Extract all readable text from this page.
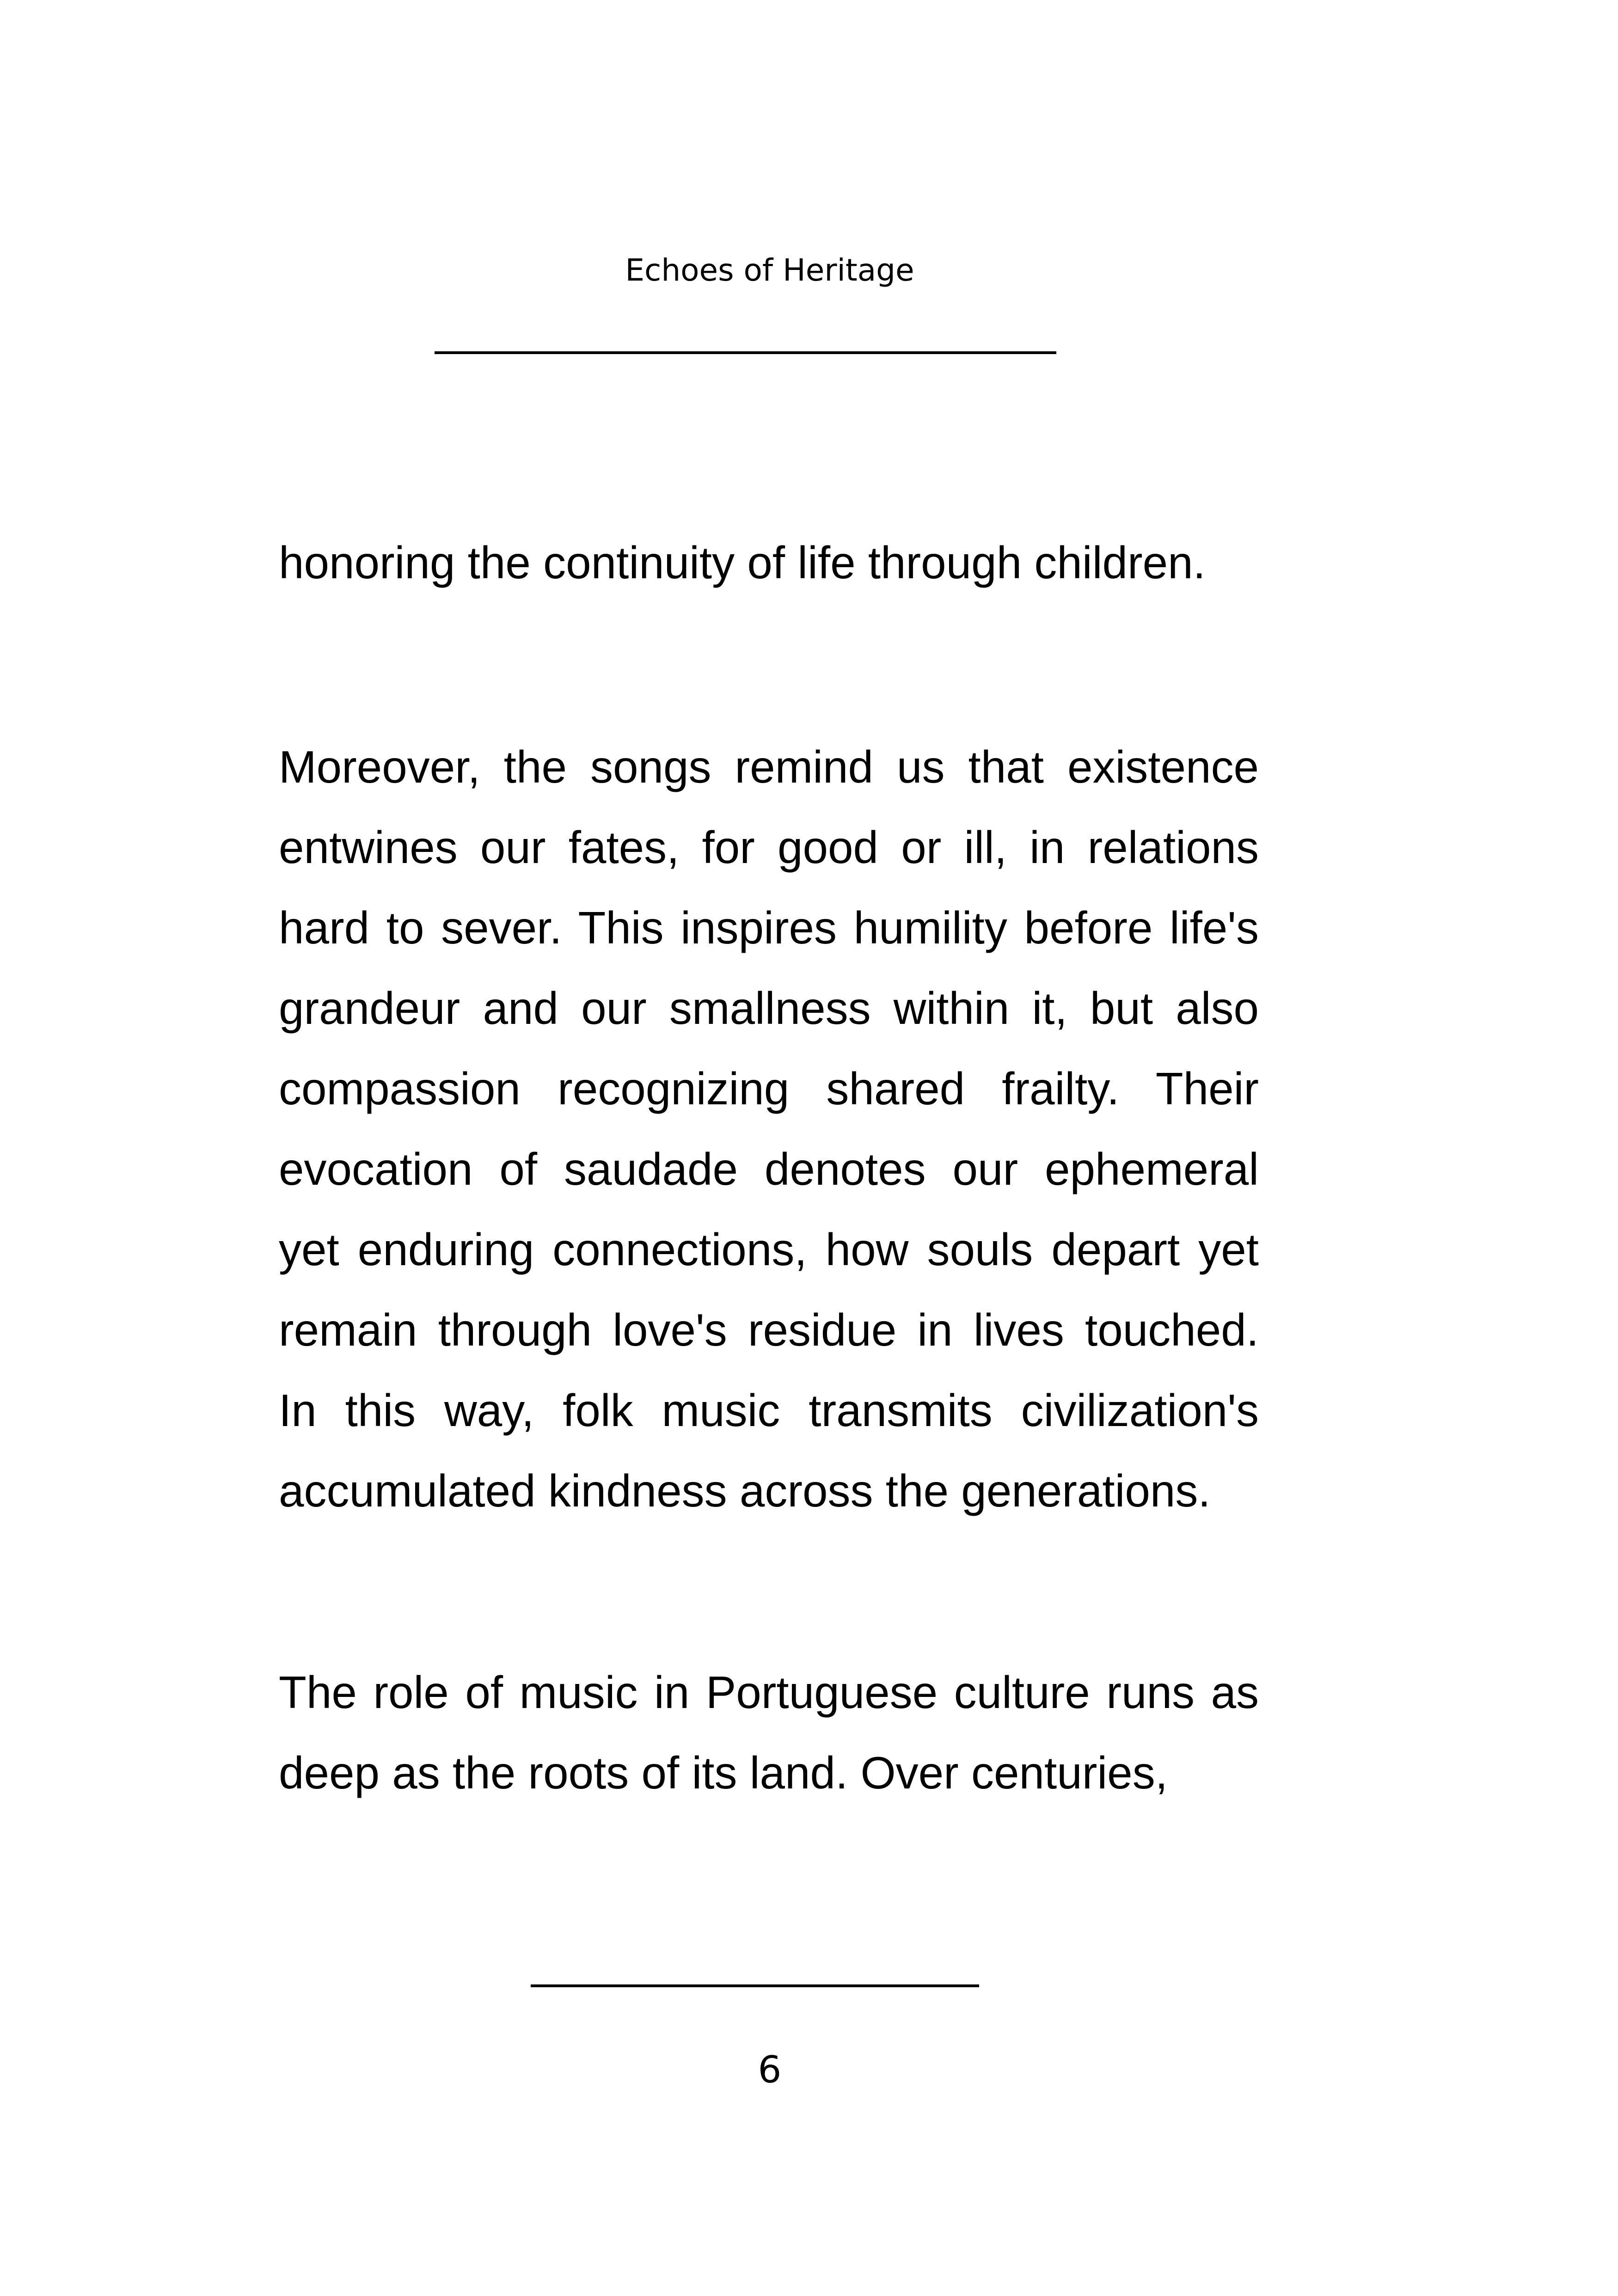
Echoes of Heritage

honoring the continuity of life through children.

Moreover, the songs remind us that existence entwines our fates, for good or ill, in relations hard to sever. This inspires humility before life's grandeur and our smallness within it, but also compassion recognizing shared frailty. Their evocation of saudade denotes our ephemeral yet enduring connections, how souls depart yet remain through love's residue in lives touched. In this way, folk music transmits civilization's accumulated kindness across the generations.

The role of music in Portuguese culture runs as deep as the roots of its land. Over centuries,

6
